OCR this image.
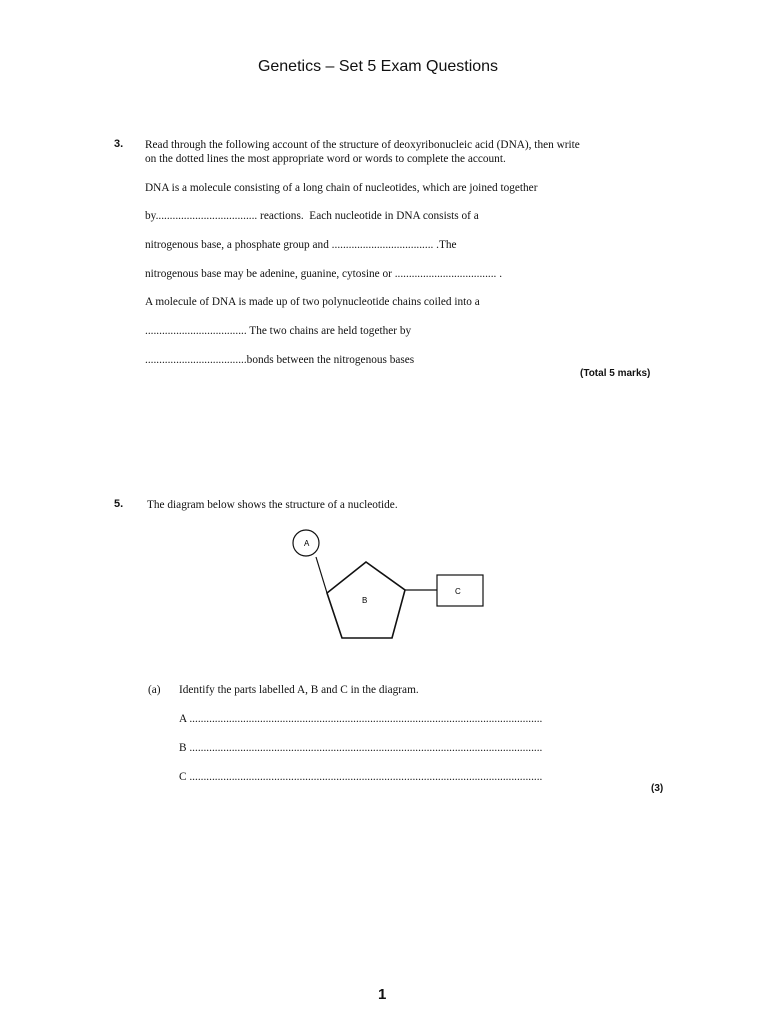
Genetics – Set 5 Exam Questions
3. Read through the following account of the structure of deoxyribonucleic acid (DNA), then write
on the dotted lines the most appropriate word or words to complete the account.
DNA is a molecule consisting of a long chain of nucleotides, which are joined together
by.................................... reactions.  Each nucleotide in DNA consists of a
nitrogenous base, a phosphate group and .................................... .The
nitrogenous base may be adenine, guanine, cytosine or .................................... .
A molecule of DNA is made up of two polynucleotide chains coiled into a
.................................... The two chains are held together by
....................................bonds between the nitrogenous bases
(Total 5 marks)
5. The diagram below shows the structure of a nucleotide.
A
B
C
(a) Identify the parts labelled A, B and C in the diagram.
A .............................................................................................................................
B .............................................................................................................................
C .............................................................................................................................
(3)
1
